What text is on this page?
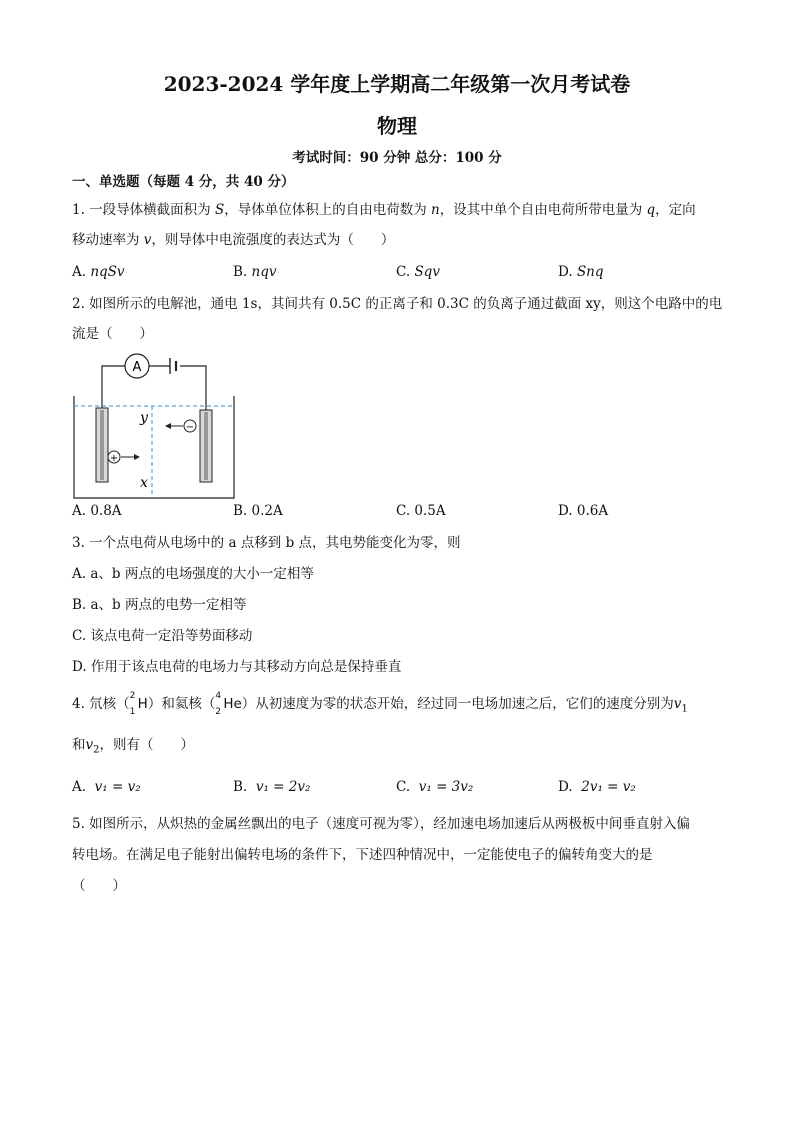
2023-2024 学年度上学期高二年级第一次月考试卷
物理
考试时间：90 分钟 总分：100 分
一、单选题（每题 4 分，共 40 分）
1. 一段导体横截面积为 S，导体单位体积上的自由电荷数为 n，设其中单个自由电荷所带电量为 q，定向
移动速率为 v，则导体中电流强度的表达式为（　　）
A. nqSv	B. nqv	C. Sqv	D. Snq
2. 如图所示的电解池，通电 1s，其间共有 0.5C 的正离子和 0.3C 的负离子通过截面 xy，则这个电路中的电
流是（　　）
A
y
x
+
−
A. 0.8A	B. 0.2A	C. 0.5A	D. 0.6A
3. 一个点电荷从电场中的 a 点移到 b 点，其电势能变化为零，则
A. a、b 两点的电场强度的大小一定相等
B. a、b 两点的电势一定相等
C. 该点电荷一定沿等势面移动
D. 作用于该点电荷的电场力与其移动方向总是保持垂直
4. 氘核（ 2
1 H）和氦核（ 4
2 He）从初速度为零的状态开始，经过同一电场加速之后，它们的速度分别为$v_1$
和$v_2$，则有（　　）
A. v₁ = v₂	B. v₁ = 2v₂	C. v₁ = 3v₂	D. 2v₁ = v₂
5. 如图所示，从炽热的金属丝飘出的电子（速度可视为零），经加速电场加速后从两极板中间垂直射入偏
转电场。在满足电子能射出偏转电场的条件下，下述四种情况中，一定能使电子的偏转角变大的是
（　　）
